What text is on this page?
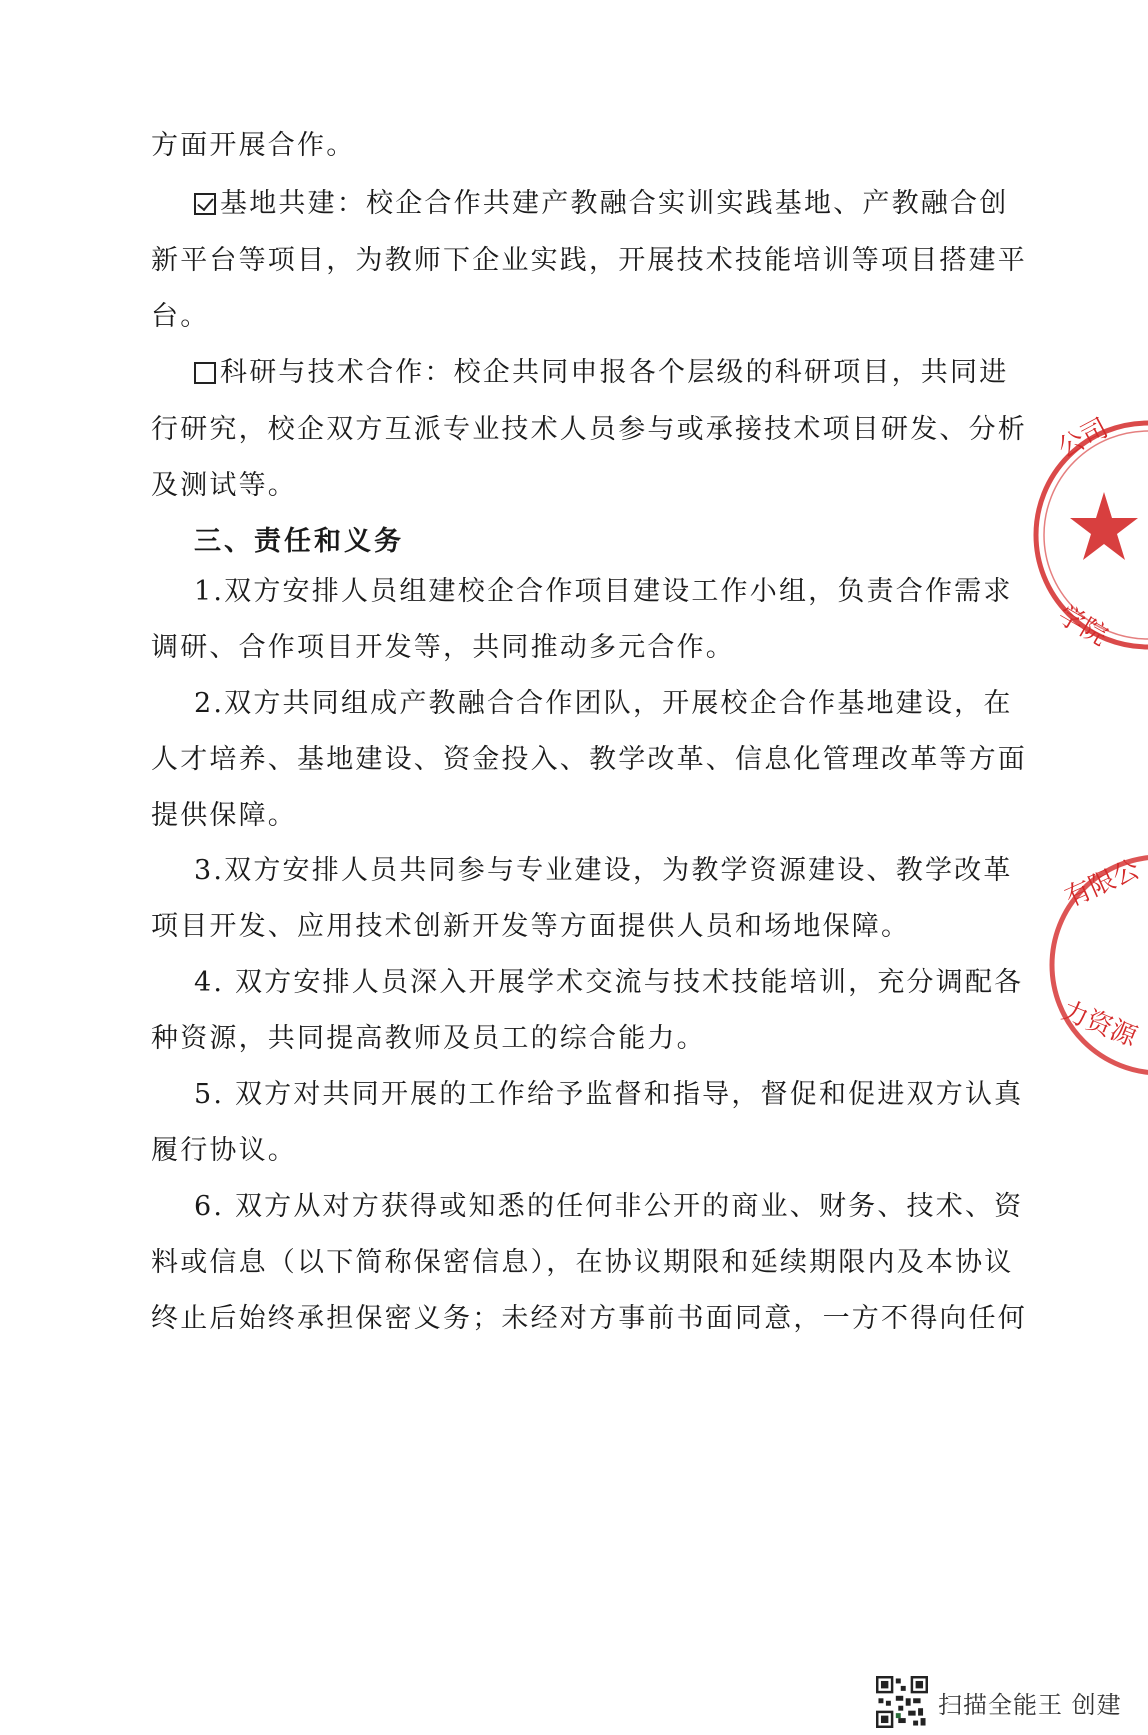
方面开展合作。
基地共建：校企合作共建产教融合实训实践基地、产教融合创
新平台等项目，为教师下企业实践，开展技术技能培训等项目搭建平
台。
科研与技术合作：校企共同申报各个层级的科研项目，共同进
行研究，校企双方互派专业技术人员参与或承接技术项目研发、分析
及测试等。
三、责任和义务
1.双方安排人员组建校企合作项目建设工作小组，负责合作需求
调研、合作项目开发等，共同推动多元合作。
2.双方共同组成产教融合合作团队，开展校企合作基地建设，在
人才培养、基地建设、资金投入、教学改革、信息化管理改革等方面
提供保障。
3.双方安排人员共同参与专业建设，为教学资源建设、教学改革
项目开发、应用技术创新开发等方面提供人员和场地保障。
4. 双方安排人员深入开展学术交流与技术技能培训，充分调配各
种资源，共同提高教师及员工的综合能力。
5. 双方对共同开展的工作给予监督和指导，督促和促进双方认真
履行协议。
6. 双方从对方获得或知悉的任何非公开的商业、财务、技术、资
料或信息（以下简称保密信息），在协议期限和延续期限内及本协议
终止后始终承担保密义务；未经对方事前书面同意，一方不得向任何
公司
学院
有限公
力资源
扫描全能王 创建
